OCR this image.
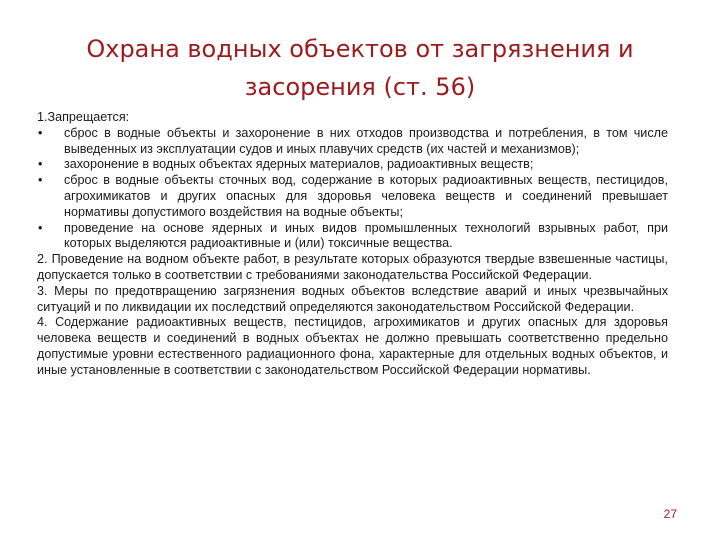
Охрана водных объектов от загрязнения и
засорения (ст. 56)

1.Запрещается:

• сброс в водные объекты и захоронение в них отходов производства и потребления, в том числе выведенных из эксплуатации судов и иных плавучих средств (их частей и механизмов);
• захоронение в водных объектах ядерных материалов, радиоактивных веществ;
• сброс в водные объекты сточных вод, содержание в которых радиоактивных веществ, пестицидов, агрохимикатов и других опасных для здоровья человека веществ и соединений превышает нормативы допустимого воздействия на водные объекты;
• проведение на основе ядерных и иных видов промышленных технологий взрывных работ, при которых выделяются радиоактивные и (или) токсичные вещества.

2. Проведение на водном объекте работ, в результате которых образуются твердые взвешенные частицы, допускается только в соответствии с требованиями законодательства Российской Федерации.

3. Меры по предотвращению загрязнения водных объектов вследствие аварий и иных чрезвычайных ситуаций и по ликвидации их последствий определяются законодательством Российской Федерации.

4. Содержание радиоактивных веществ, пестицидов, агрохимикатов и других опасных для здоровья человека веществ и соединений в водных объектах не должно превышать соответственно предельно допустимые уровни естественного радиационного фона, характерные для отдельных водных объектов, и иные установленные в соответствии с законодательством Российской Федерации нормативы.

27
